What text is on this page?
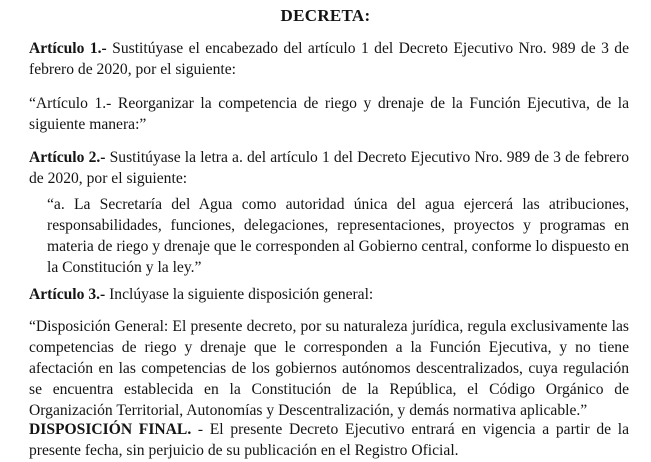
DECRETA:

Artículo 1.- Sustitúyase el encabezado del artículo 1 del Decreto Ejecutivo Nro. 989 de 3 de febrero de 2020, por el siguiente:

“Artículo 1.- Reorganizar la competencia de riego y drenaje de la Función Ejecutiva, de la siguiente manera:”

Artículo 2.- Sustitúyase la letra a. del artículo 1 del Decreto Ejecutivo Nro. 989 de 3 de febrero de 2020, por el siguiente:

“a. La Secretaría del Agua como autoridad única del agua ejercerá las atribuciones, responsabilidades, funciones, delegaciones, representaciones, proyectos y programas en materia de riego y drenaje que le corresponden al Gobierno central, conforme lo dispuesto en la Constitución y la ley.”

Artículo 3.- Inclúyase la siguiente disposición general:

“Disposición General: El presente decreto, por su naturaleza jurídica, regula exclusivamente las competencias de riego y drenaje que le corresponden a la Función Ejecutiva, y no tiene afectación en las competencias de los gobiernos autónomos descentralizados, cuya regulación se encuentra establecida en la Constitución de la República, el Código Orgánico de Organización Territorial, Autonomías y Descentralización, y demás normativa aplicable.”

DISPOSICIÓN FINAL. - El presente Decreto Ejecutivo entrará en vigencia a partir de la presente fecha, sin perjuicio de su publicación en el Registro Oficial.
